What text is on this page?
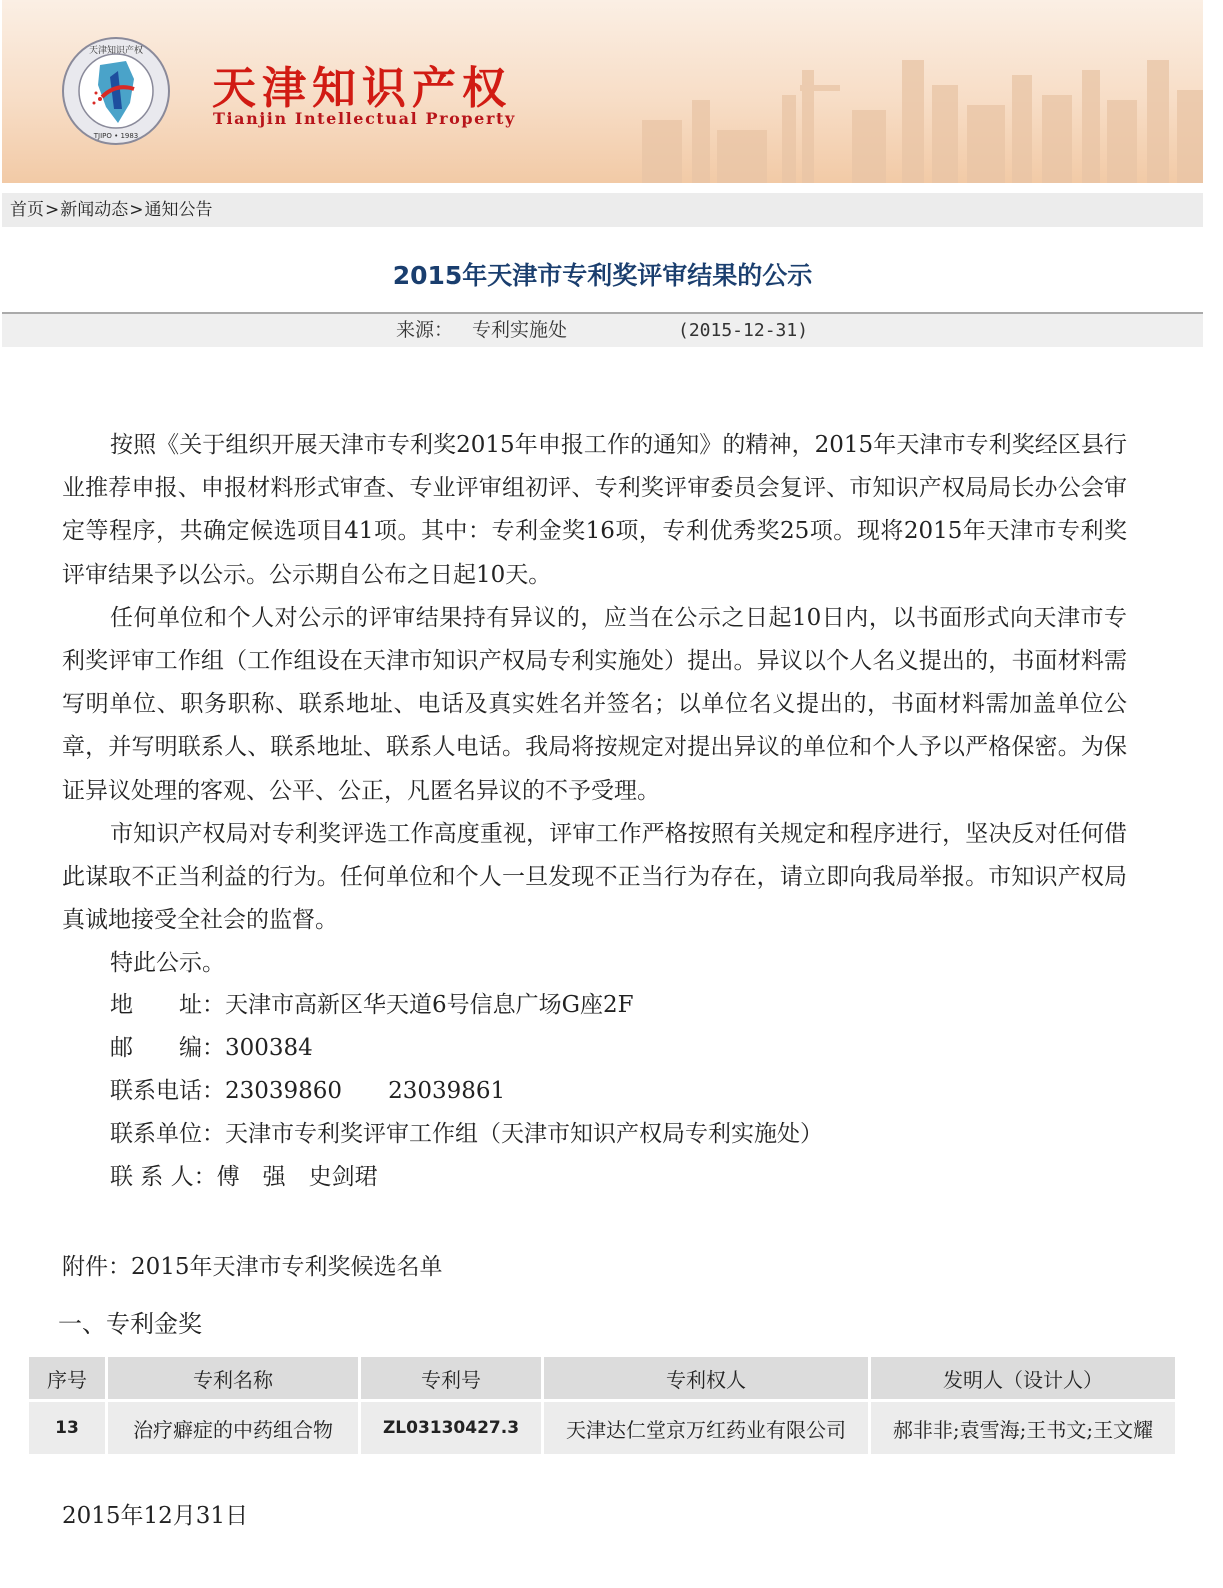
天津知识产权
TJIPO • 1983
天津知识产权
Tianjin Intellectual Property
首页>新闻动态>通知公告
2015年天津市专利奖评审结果的公示
来源： 专利实施处	(2015-12-31)

按照《关于组织开展天津市专利奖2015年申报工作的通知》的精神，2015年天津市专利奖经区县行业推荐申报、申报材料形式审查、专业评审组初评、专利奖评审委员会复评、市知识产权局局长办公会审定等程序，共确定候选项目41项。其中：专利金奖16项，专利优秀奖25项。现将2015年天津市专利奖评审结果予以公示。公示期自公布之日起10天。

任何单位和个人对公示的评审结果持有异议的，应当在公示之日起10日内，以书面形式向天津市专利奖评审工作组（工作组设在天津市知识产权局专利实施处）提出。异议以个人名义提出的，书面材料需写明单位、职务职称、联系地址、电话及真实姓名并签名；以单位名义提出的，书面材料需加盖单位公章，并写明联系人、联系地址、联系人电话。我局将按规定对提出异议的单位和个人予以严格保密。为保证异议处理的客观、公平、公正，凡匿名异议的不予受理。

市知识产权局对专利奖评选工作高度重视，评审工作严格按照有关规定和程序进行，坚决反对任何借此谋取不正当利益的行为。任何单位和个人一旦发现不正当行为存在，请立即向我局举报。市知识产权局真诚地接受全社会的监督。

特此公示。

地　　址：天津市高新区华天道6号信息广场G座2F
邮　　编：300384
联系电话：23039860　　23039861
联系单位：天津市专利奖评审工作组（天津市知识产权局专利实施处）
联 系 人：傅　强　史剑珺
附件：2015年天津市专利奖候选名单
一、专利金奖
序号	专利名称	专利号	专利权人	发明人（设计人）
13	治疗癖症的中药组合物	ZL03130427.3	天津达仁堂京万红药业有限公司	郝非非;袁雪海;王书文;王文耀
2015年12月31日
